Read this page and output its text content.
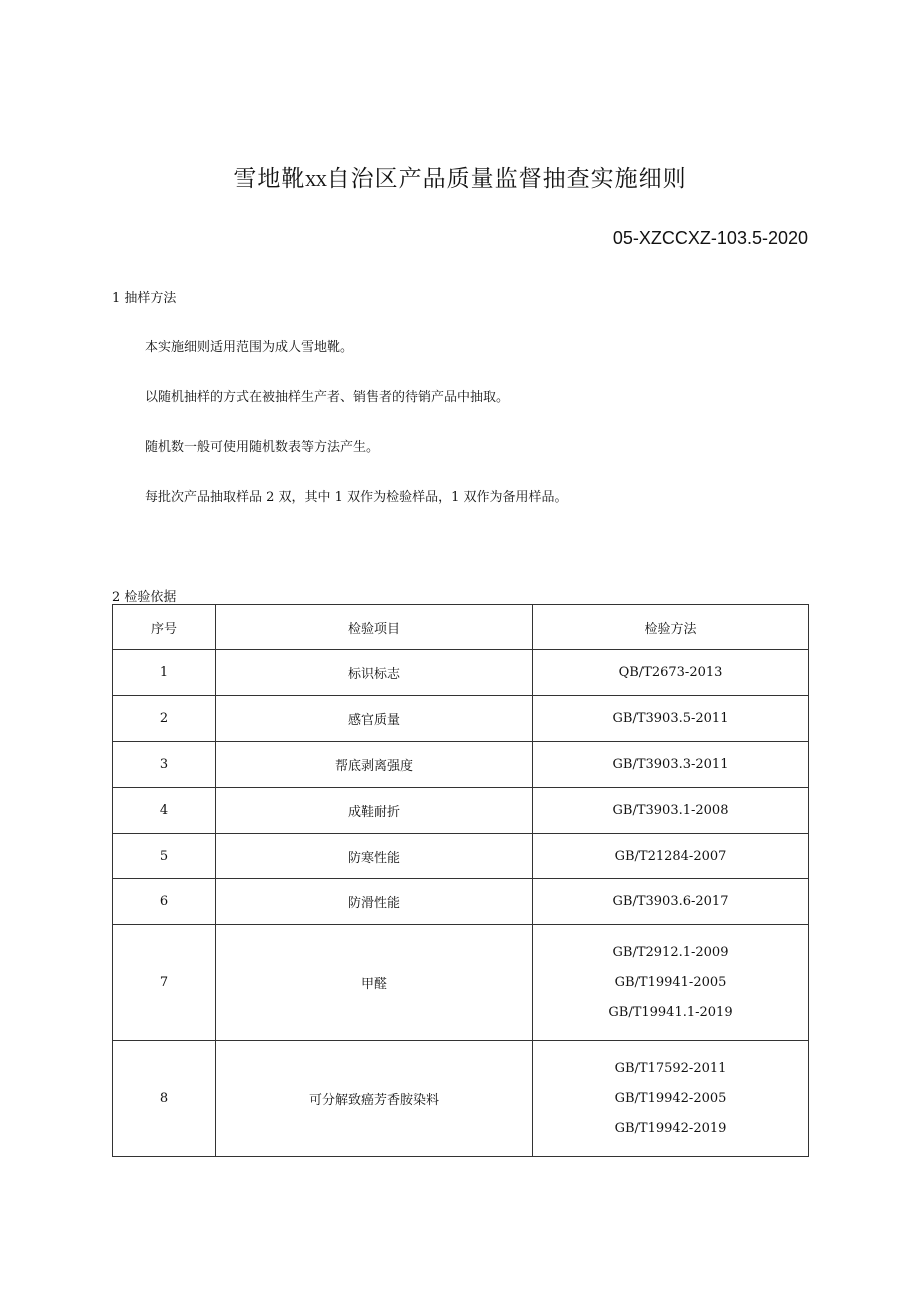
雪地靴XX自治区产品质量监督抽查实施细则
05-XZCCXZ-103.5-2020
1 抽样方法
本实施细则适用范围为成人雪地靴。
以随机抽样的方式在被抽样生产者、销售者的待销产品中抽取。
随机数一般可使用随机数表等方法产生。
每批次产品抽取样品 2 双，其中 1 双作为检验样品，1 双作为备用样品。
2 检验依据
序号	检验项目	检验方法
1	标识标志	QB/T2673-2013
2	感官质量	GB/T3903.5-2011
3	帮底剥离强度	GB/T3903.3-2011
4	成鞋耐折	GB/T3903.1-2008
5	防寒性能	GB/T21284-2007
6	防滑性能	GB/T3903.6-2017
7	甲醛	GB/T2912.1-2009
GB/T19941-2005
GB/T19941.1-2019

8	可分解致癌芳香胺染料	GB/T17592-2011
GB/T19942-2005
GB/T19942-2019
